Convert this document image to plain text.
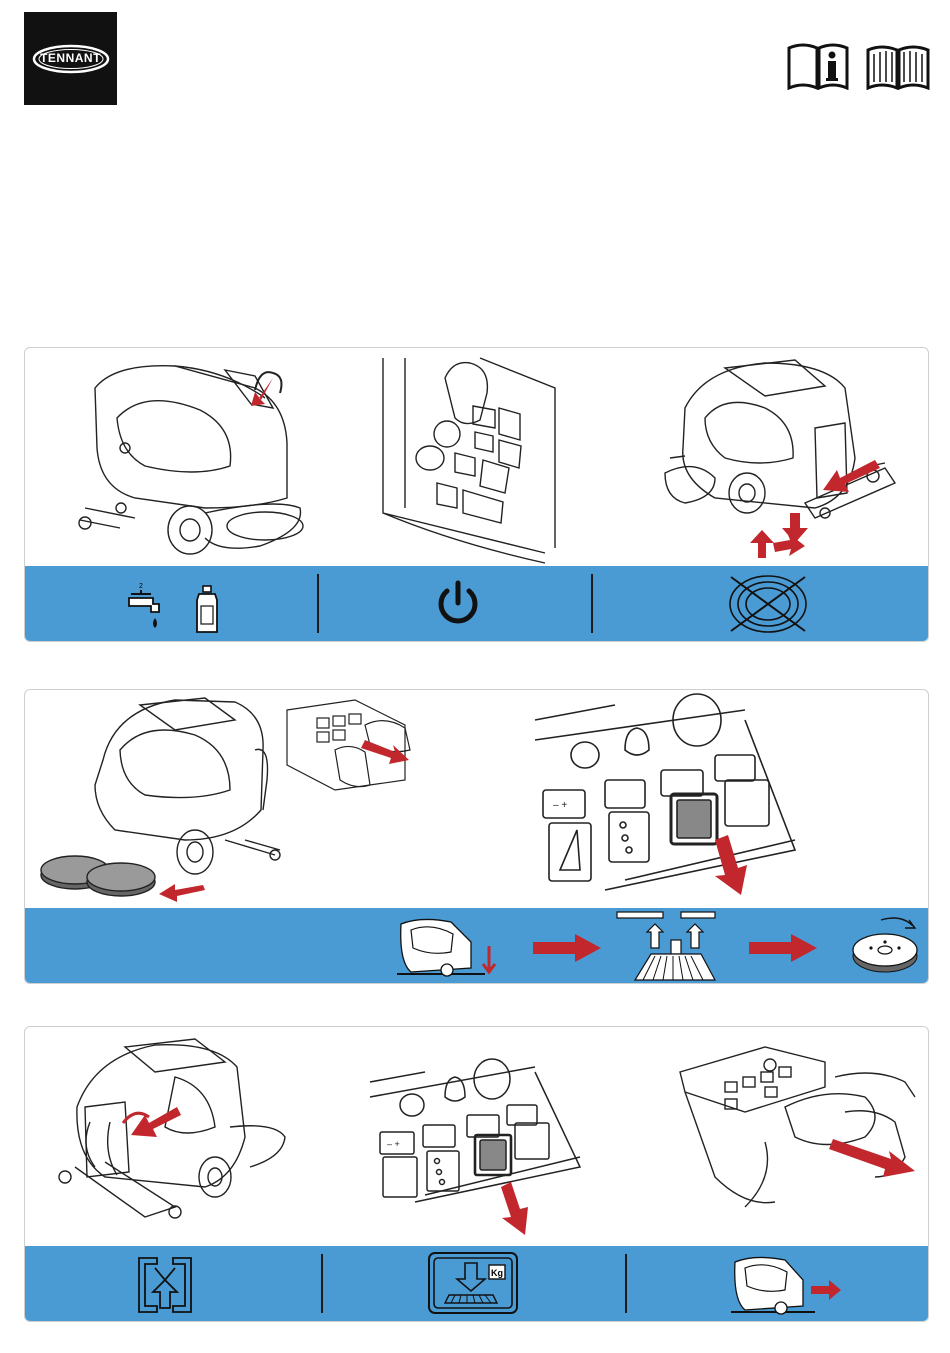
TENNANT
2
– +
– +
Kg
